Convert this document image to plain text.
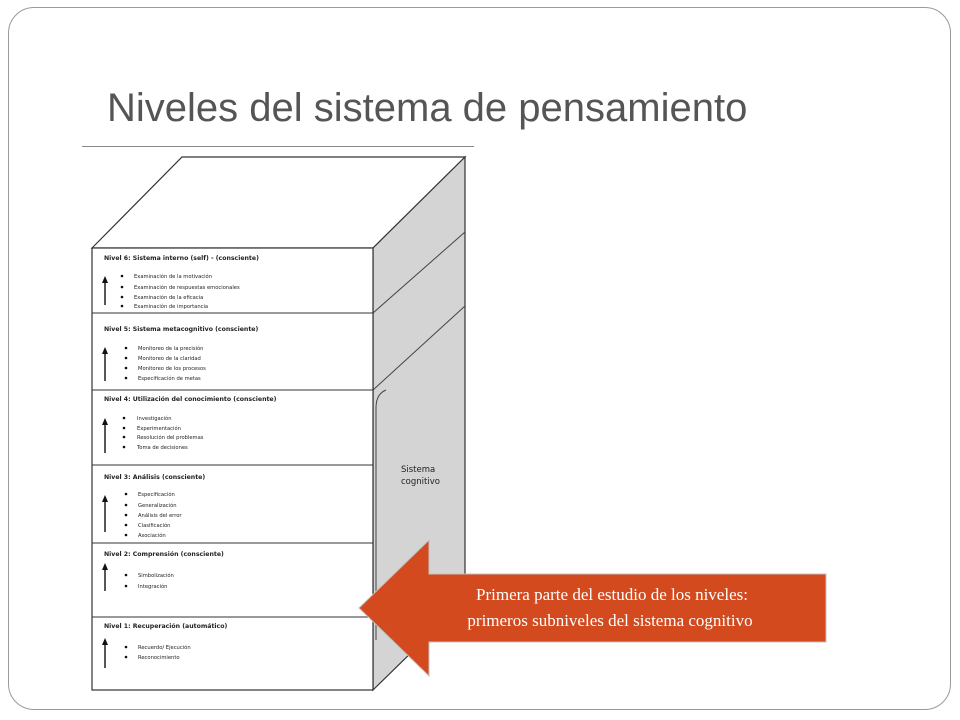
Niveles del sistema de pensamiento
Nivel 6: Sistema interno (self) - (consciente)
Examinación de la motivación
Examinación de respuestas emocionales
Examinación de la eficacia
Examinación de importancia
Nivel 5: Sistema metacognitivo (consciente)
Monitoreo de la precisión
Monitoreo de la claridad
Monitoreo de los procesos
Especificación de metas
Nivel 4: Utilización del conocimiento (consciente)
Investigación
Experimentación
Resolución del problemas
Toma de decisiones
Nivel 3: Análisis (consciente)
Especificación
Generalización
Análisis del error
Clasificación
Asociación
Nivel 2: Comprensión (consciente)
Simbolización
Integración
Nivel 1: Recuperación (automático)
Recuerdo/ Ejecución
Reconocimiento
Sistema
cognitivo
Primera parte del estudio de los niveles:
primeros subniveles del sistema cognitivo
